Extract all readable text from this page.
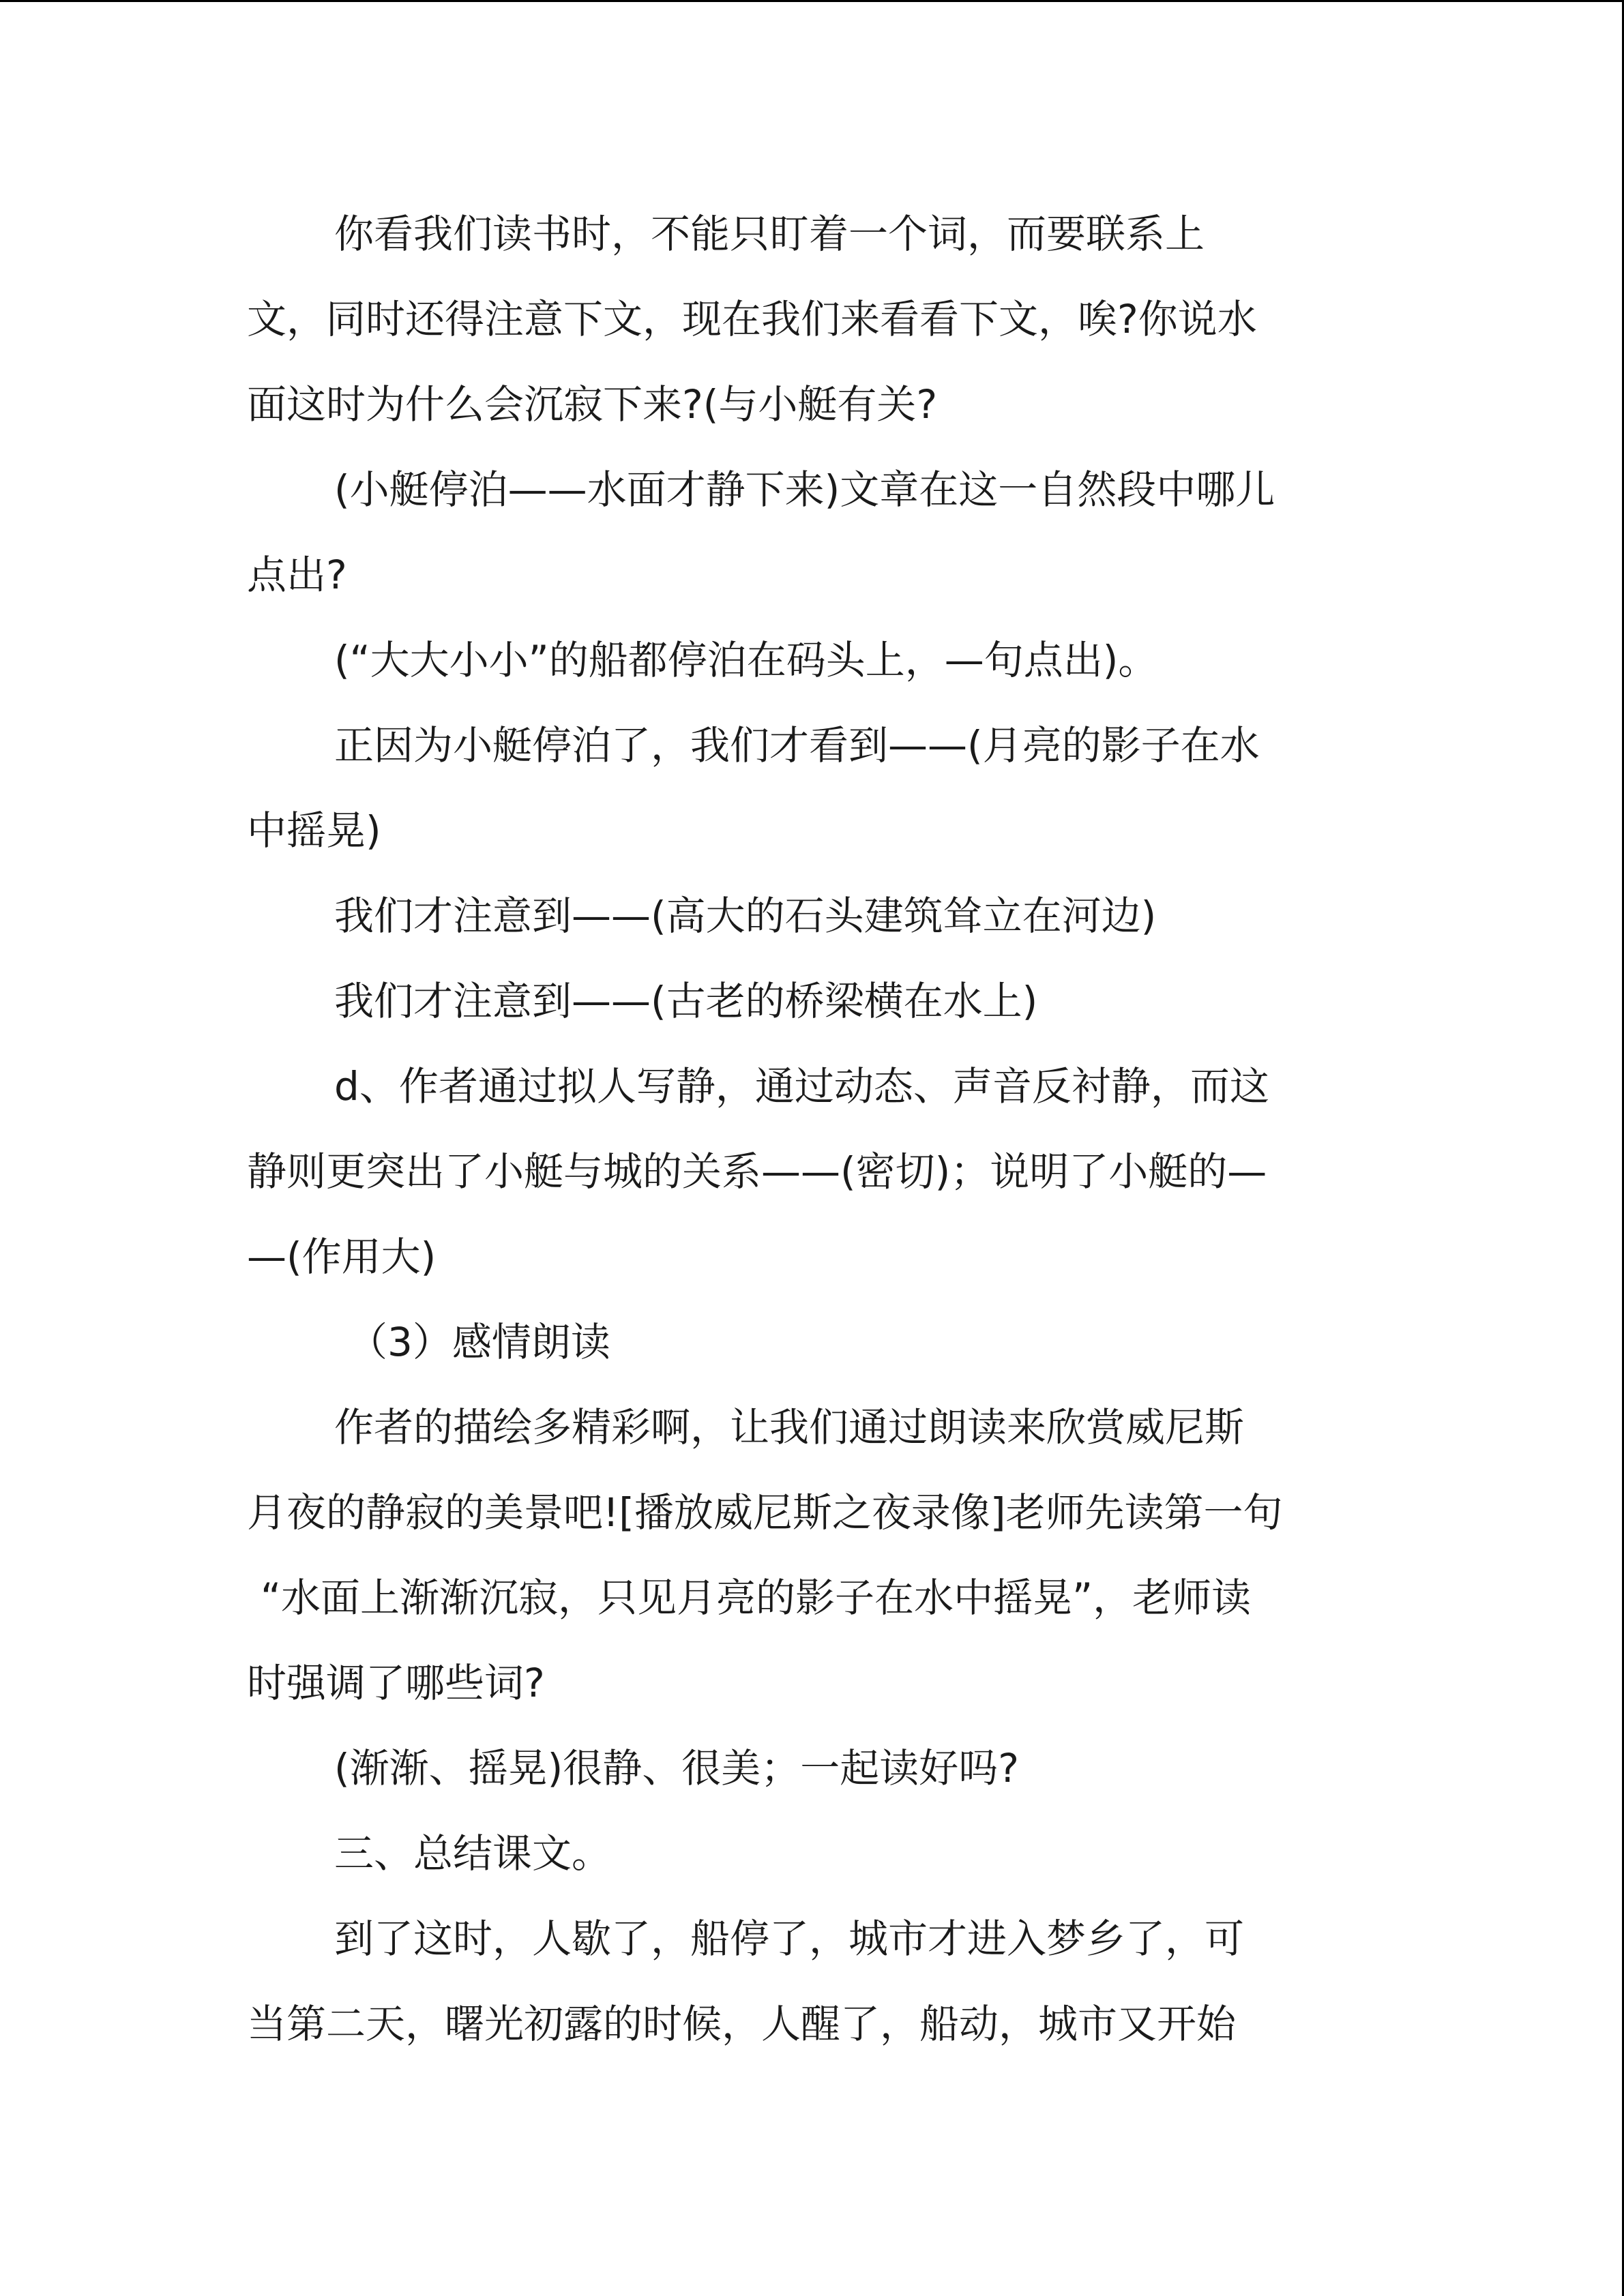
你看我们读书时，不能只盯着一个词，而要联系上
文，同时还得注意下文，现在我们来看看下文，唉?你说水
面这时为什么会沉寂下来?(与小艇有关?
(小艇停泊——水面才静下来)文章在这一自然段中哪儿
点出?
(“大大小小”的船都停泊在码头上，—句点出)。
正因为小艇停泊了，我们才看到——(月亮的影子在水
中摇晃)
我们才注意到——(高大的石头建筑耸立在河边)
我们才注意到——(古老的桥梁横在水上)
d、作者通过拟人写静，通过动态、声音反衬静，而这
静则更突出了小艇与城的关系——(密切)；说明了小艇的—
—(作用大)
（3）感情朗读
作者的描绘多精彩啊，让我们通过朗读来欣赏威尼斯
月夜的静寂的美景吧![播放威尼斯之夜录像]老师先读第一句
“水面上渐渐沉寂，只见月亮的影子在水中摇晃”，老师读
时强调了哪些词?
(渐渐、摇晃)很静、很美；一起读好吗?
三、总结课文。
到了这时，人歇了，船停了，城市才进入梦乡了，可
当第二天，曙光初露的时候，人醒了，船动，城市又开始
